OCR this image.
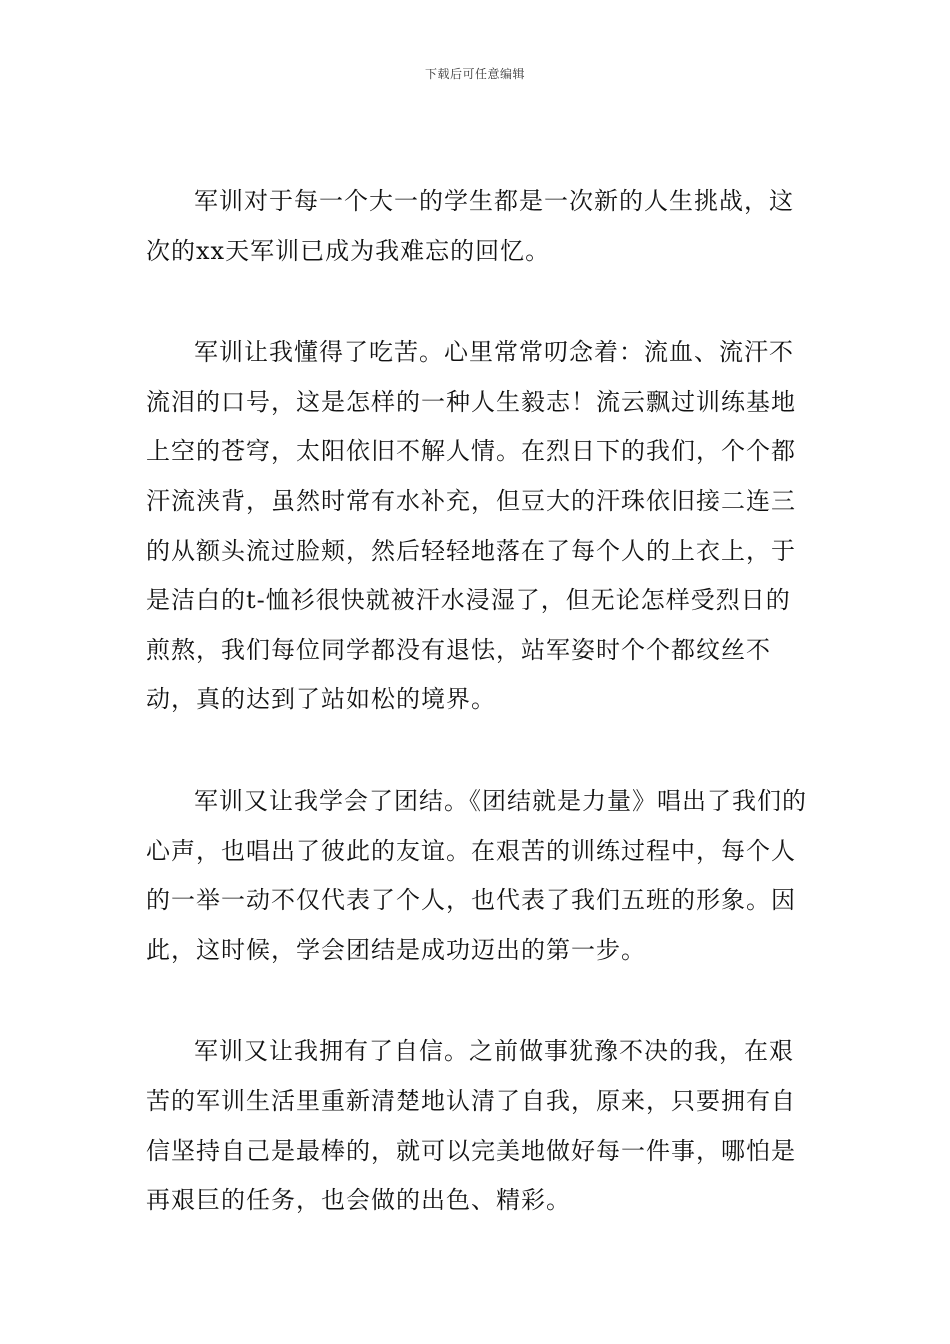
下载后可任意编辑

军训对于每一个大一的学生都是一次新的人生挑战，这次的xx天军训已成为我难忘的回忆。

军训让我懂得了吃苦。心里常常叨念着：流血、流汗不流泪的口号，这是怎样的一种人生毅志！流云飘过训练基地上空的苍穹，太阳依旧不解人情。在烈日下的我们，个个都汗流浃背，虽然时常有水补充，但豆大的汗珠依旧接二连三的从额头流过脸颊，然后轻轻地落在了每个人的上衣上，于是洁白的t-恤衫很快就被汗水浸湿了，但无论怎样受烈日的煎熬，我们每位同学都没有退怯，站军姿时个个都纹丝不动，真的达到了站如松的境界。

军训又让我学会了团结。《团结就是力量》唱出了我们的心声，也唱出了彼此的友谊。在艰苦的训练过程中，每个人的一举一动不仅代表了个人，也代表了我们五班的形象。因此，这时候，学会团结是成功迈出的第一步。

军训又让我拥有了自信。之前做事犹豫不决的我，在艰苦的军训生活里重新清楚地认清了自我，原来，只要拥有自信坚持自己是最棒的，就可以完美地做好每一件事，哪怕是再艰巨的任务，也会做的出色、精彩。
